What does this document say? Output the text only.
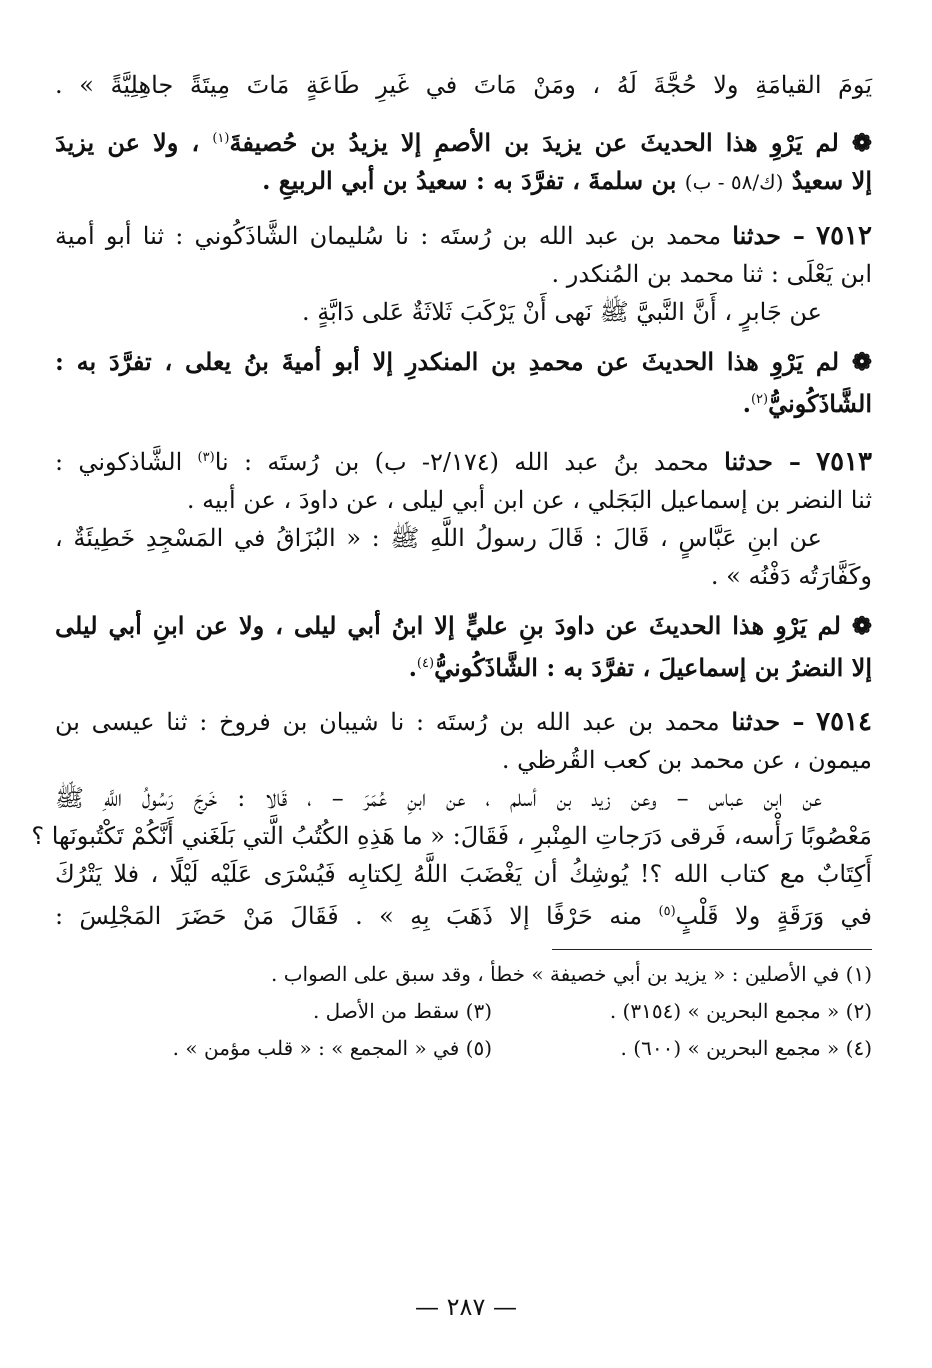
يَومَ القيامَةِ ولا حُجَّةَ لَهُ ، ومَنْ مَاتَ في غَيرِ طَاعَةٍ مَاتَ مِيتَةً جاهِلِيَّةً » .
❁ لم يَرْوِ هذا الحديثَ عن يزيدَ بن الأصمِ إلا يزيدُ بن حُصيفةَ$^{(١)}$ ، ولا عن يزيدَ
إلا سعيدٌ (ك/٥٨ - ب) بن سلمةَ ، تفرَّدَ به : سعيدُ بن أبي الربيعِ .
٧٥١٢ – حدثنا محمد بن عبد الله بن رُستَه : نا سُليمان الشَّاذَكُوني : ثنا أبو أمية
ابن يَعْلَى : ثنا محمد بن المُنكدر .
عن جَابرٍ ، أَنَّ النَّبيَّ ﷺ نَهى أَنْ يَرْكَبَ ثَلاثَةٌ عَلى دَابَّةٍ .
❁ لم يَرْوِ هذا الحديثَ عن محمدِ بن المنكدرِ إلا أبو أميةَ بنُ يعلى ، تفرَّدَ به :
الشَّاذَكُونيُّ$^{(٢)}$.
٧٥١٣ – حدثنا محمد بنُ عبد الله (٢/١٧٤- ب) بن رُستَه : نا$^{(٣)}$ الشَّاذكوني :
ثنا النضر بن إسماعيل البَجَلي ، عن ابن أبي ليلى ، عن داودَ ، عن أبيه .
عن ابنِ عَبَّاسٍ ، قَالَ : قَالَ رسولُ اللَّهِ ﷺ : « البُزَاقُ في المَسْجِدِ خَطِيئَةٌ ،
وكَفَّارَتُه دَفْنُه » .
❁ لم يَرْوِ هذا الحديثَ عن داودَ بنِ عليٍّ إلا ابنُ أبي ليلى ، ولا عن ابنِ أبي ليلى
إلا النضرُ بن إسماعيلَ ، تفرَّدَ به : الشَّاذَكُونيُّ$^{(٤)}$.
٧٥١٤ – حدثنا محمد بن عبد الله بن رُستَه : نا شيبان بن فروخ : ثنا عيسى بن
ميمون ، عن محمد بن كعب القُرظي .
عن ابن عباس – وعن زيد بن أسلم ، عن ابنِ عُمَرَ – ، قَالا : خَرجَ رَسُولُ اللَّهِ ﷺ
مَعْصُوبًا رَأْسه، فَرقى دَرَجاتِ المِنْبرِ ، فَقَالَ: « ما هَذِهِ الكُتُبُ الَّتي بَلَغَني أَنَّكُمْ تَكْتُبونَها ؟
أَكِتَابٌ مع كتاب الله ؟! يُوشِكُ أن يَغْضَبَ اللَّهُ لِكتابِه فَيُسْرَى عَلَيْه لَيْلًا ، فلا يَتْرُكَ
في وَرَقَةٍ ولا قَلْبٍ$^{(٥)}$ منه حَرْفًا إلا ذَهَبَ بِهِ » . فَقَالَ مَنْ حَضَرَ المَجْلِسَ :
(١) في الأصلين : « يزيد بن أبي خصيفة » خطأ ، وقد سبق على الصواب .
(٢) « مجمع البحرين » (٣١٥٤) .
(٣) سقط من الأصل .
(٤) « مجمع البحرين » (٦٠٠) .
(٥) في « المجمع » : « قلب مؤمن » .
— ٢٨٧ —
